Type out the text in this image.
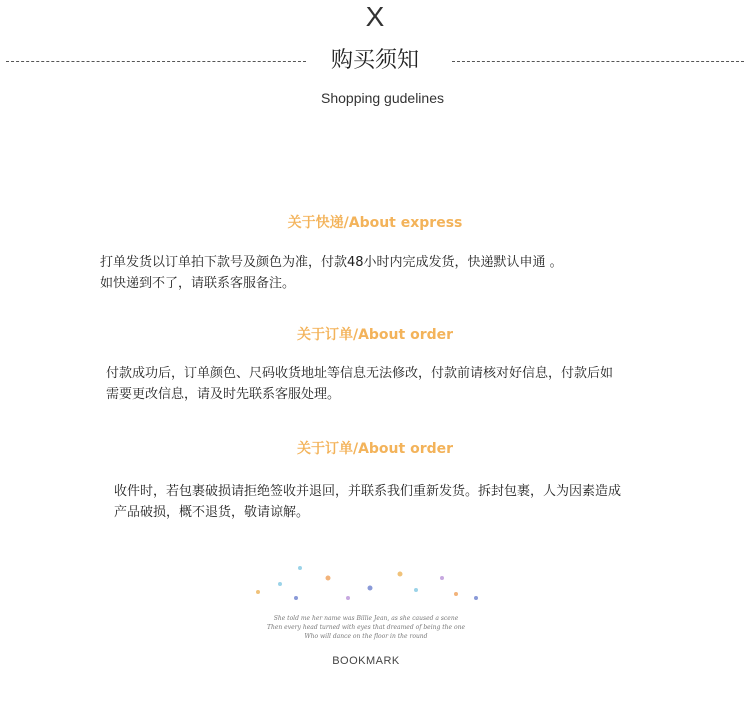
X
购买须知
Shopping gudelines
关于快递/About express

打单发货以订单拍下款号及颜色为准，付款48小时内完成发货，快递默认申通 。

如快递到不了，请联系客服备注。

关于订单/About order

付款成功后，订单颜色、尺码收货地址等信息无法修改，付款前请核对好信息，付款后如

需要更改信息，请及时先联系客服处理。

关于订单/About order

收件时，若包裹破损请拒绝签收并退回，并联系我们重新发货。拆封包裹，人为因素造成

产品破损，概不退货，敬请谅解。

She told me her name was Billie Jean, as she caused a scene
Then every head turned with eyes that dreamed of being the one
Who will dance on the floor in the round
BOOKMARK
